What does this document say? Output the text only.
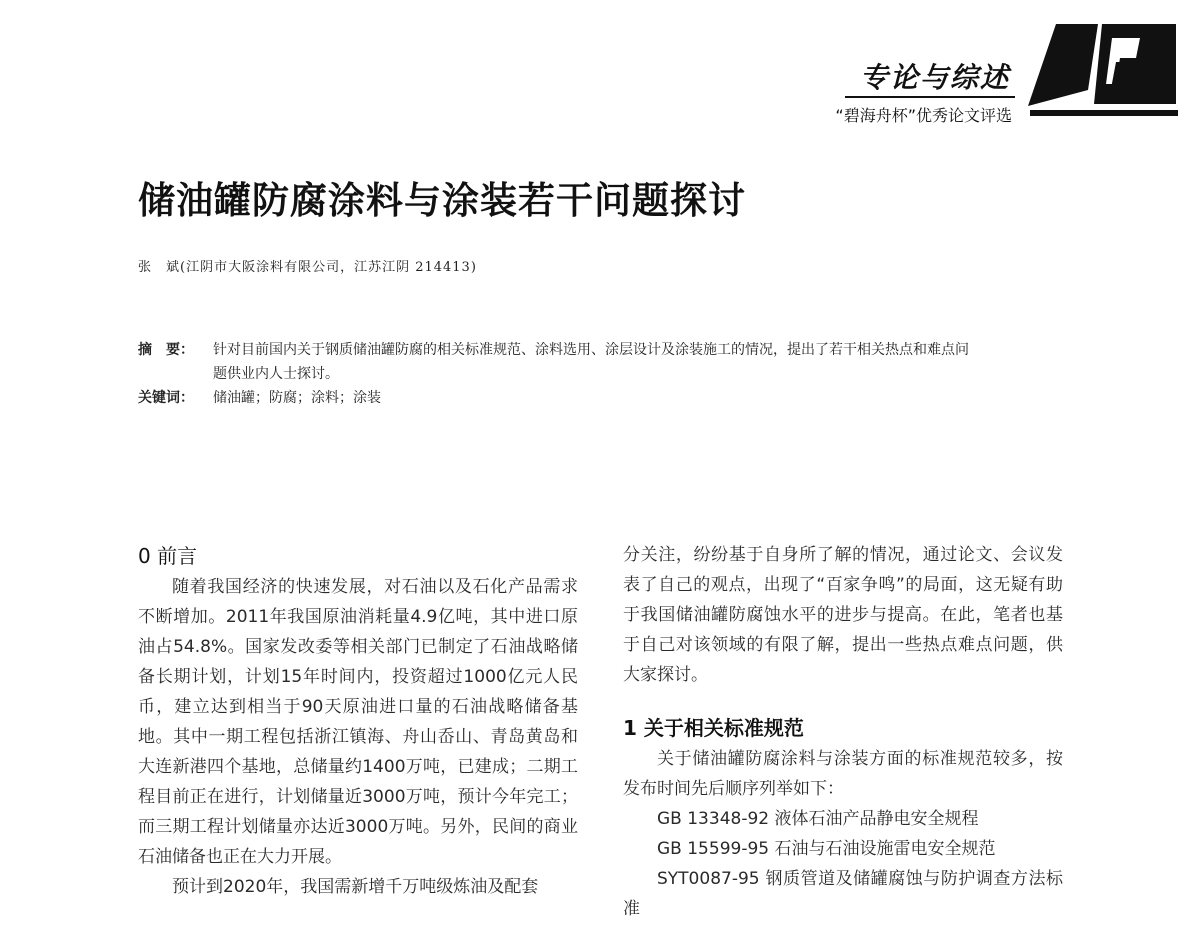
专论与综述
“碧海舟杯”优秀论文评选
储油罐防腐涂料与涂装若干问题探讨
张　斌(江阴市大阪涂料有限公司，江苏江阴 214413)
摘　要：	针对目前国内关于钢质储油罐防腐的相关标准规范、涂料选用、涂层设计及涂装施工的情况，提出了若干相关热点和难点问题供业内人士探讨。
关键词：	储油罐；防腐；涂料；涂装
0 前言

随着我国经济的快速发展，对石油以及石化产品需求不断增加。2011年我国原油消耗量4.9亿吨，其中进口原油占54.8%。国家发改委等相关部门已制定了石油战略储备长期计划，计划15年时间内，投资超过1000亿元人民币，建立达到相当于90天原油进口量的石油战略储备基地。其中一期工程包括浙江镇海、舟山岙山、青岛黄岛和大连新港四个基地，总储量约1400万吨，已建成；二期工程目前正在进行，计划储量近3000万吨，预计今年完工；而三期工程计划储量亦达近3000万吨。另外，民间的商业石油储备也正在大力开展。

预计到2020年，我国需新增千万吨级炼油及配套

分关注，纷纷基于自身所了解的情况，通过论文、会议发表了自己的观点，出现了“百家争鸣”的局面，这无疑有助于我国储油罐防腐蚀水平的进步与提高。在此，笔者也基于自己对该领域的有限了解，提出一些热点难点问题，供大家探讨。

1 关于相关标准规范

关于储油罐防腐涂料与涂装方面的标准规范较多，按发布时间先后顺序列举如下：

GB 13348-92 液体石油产品静电安全规程

GB 15599-95 石油与石油设施雷电安全规范

SYT0087-95 钢质管道及储罐腐蚀与防护调查方法标准
